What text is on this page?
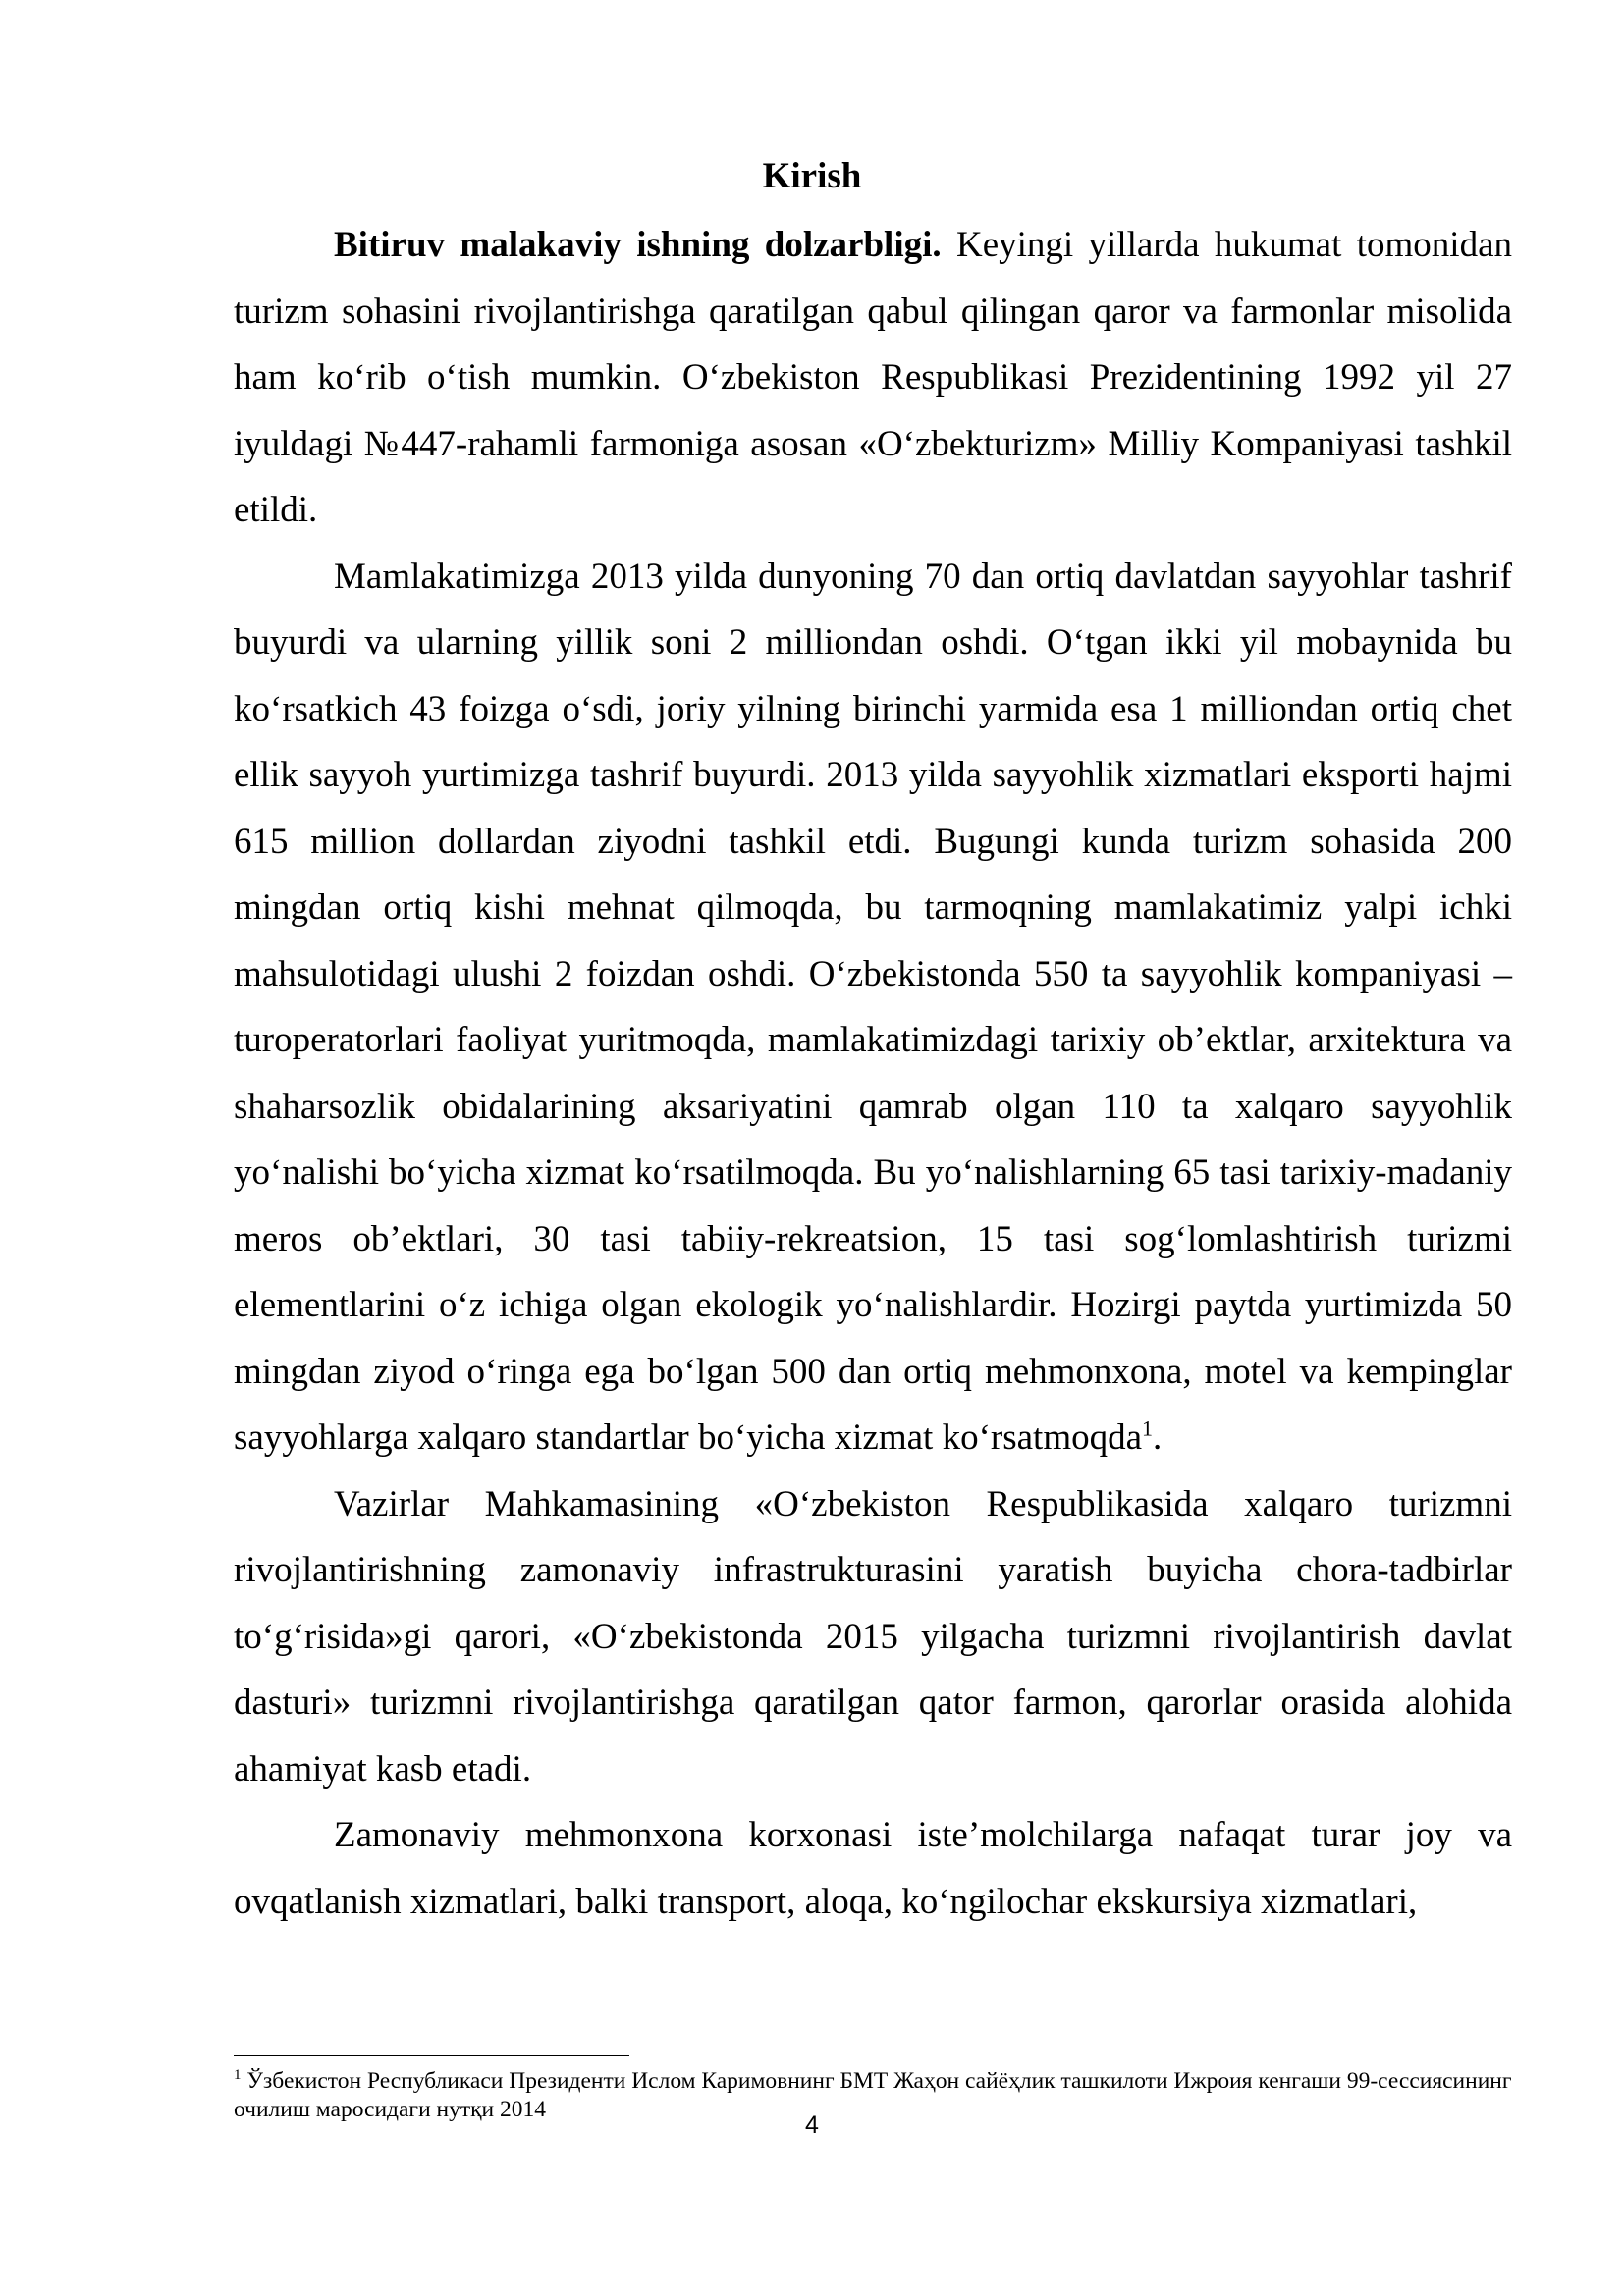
Kirish

Bitiruv malakaviy ishning dolzarbligi. Keyingi yillarda hukumat tomonidan turizm sohasini rivojlantirishga qaratilgan qabul qilingan qaror va farmonlar misolida ham ko‘rib o‘tish mumkin. O‘zbekiston Respublikasi Prezidentining 1992 yil 27 iyuldagi №447-rahamli farmoniga asosan «O‘zbekturizm» Milliy Kompaniyasi tashkil etildi.

Mamlakatimizga 2013 yilda dunyoning 70 dan ortiq davlatdan sayyohlar tashrif buyurdi va ularning yillik soni 2 milliondan oshdi. O‘tgan ikki yil mobaynida bu ko‘rsatkich 43 foizga o‘sdi, joriy yilning birinchi yarmida esa 1 milliondan ortiq chet ellik sayyoh yurtimizga tashrif buyurdi. 2013 yilda sayyohlik xizmatlari eksporti hajmi 615 million dollardan ziyodni tashkil etdi. Bugungi kunda turizm sohasida 200 mingdan ortiq kishi mehnat qilmoqda, bu tarmoqning mamlakatimiz yalpi ichki mahsulotidagi ulushi 2 foizdan oshdi. O‘zbekistonda 550 ta sayyohlik kompaniyasi – turoperatorlari faoliyat yuritmoqda, mamlakatimizdagi tarixiy ob’ektlar, arxitektura va shaharsozlik obidalarining aksariyatini qamrab olgan 110 ta xalqaro sayyohlik yo‘nalishi bo‘yicha xizmat ko‘rsatilmoqda. Bu yo‘nalishlarning 65 tasi tarixiy-madaniy meros ob’ektlari, 30 tasi tabiiy-rekreatsion, 15 tasi sog‘lomlashtirish turizmi elementlarini o‘z ichiga olgan ekologik yo‘nalishlardir. Hozirgi paytda yurtimizda 50 mingdan ziyod o‘ringa ega bo‘lgan 500 dan ortiq mehmonxona, motel va kempinglar sayyohlarga xalqaro standartlar bo‘yicha xizmat ko‘rsatmoqda$^1$.

Vazirlar Mahkamasining «O‘zbekiston Respublikasida xalqaro turizmni rivojlantirishning zamonaviy infrastrukturasini yaratish buyicha chora-tadbirlar to‘g‘risida»gi qarori, «O‘zbekistonda 2015 yilgacha turizmni rivojlantirish davlat dasturi» turizmni rivojlantirishga qaratilgan qator farmon, qarorlar orasida alohida ahamiyat kasb etadi.

Zamonaviy mehmonxona korxonasi iste’molchilarga nafaqat turar joy va ovqatlanish xizmatlari, balki transport, aloqa, ko‘ngilochar ekskursiya xizmatlari,

$^1$ Ўзбекистон Республикаси Президенти Ислом Каримовнинг БМТ Жаҳон сайёҳлик ташкилоти Ижроия кенгаши 99-сессиясининг очилиш маросидаги нутқи 2014

4
